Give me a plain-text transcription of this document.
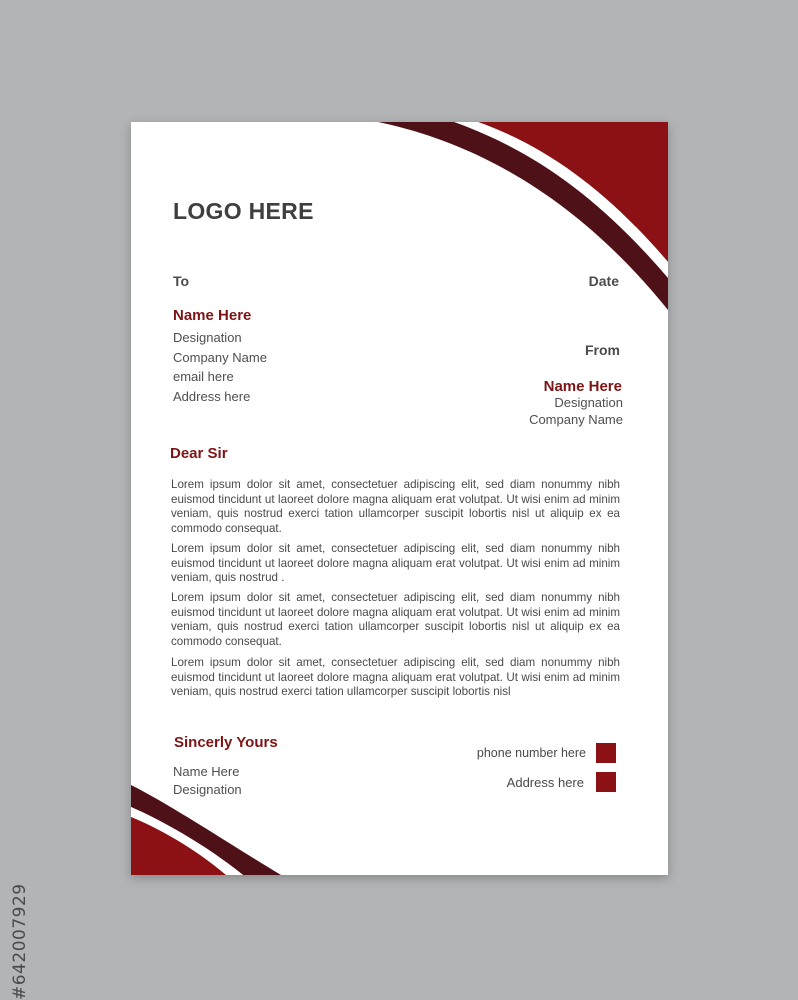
#642007929
LOGO HERE
To
Name Here
Designation
Company Name
email here
Address here
Date
From
Name Here
Designation
Company Name
Dear Sir
Lorem ipsum dolor sit amet, consectetuer adipiscing elit, sed diam nonummy nibh euismod tincidunt ut laoreet dolore magna aliquam erat volutpat. Ut wisi enim ad minim veniam, quis nostrud exerci tation ullamcorper suscipit lobortis nisl ut aliquip ex ea commodo consequat.
Lorem ipsum dolor sit amet, consectetuer adipiscing elit, sed diam nonummy nibh euismod tincidunt ut laoreet dolore magna aliquam erat volutpat. Ut wisi enim ad minim veniam, quis nostrud .
Lorem ipsum dolor sit amet, consectetuer adipiscing elit, sed diam nonummy nibh euismod tincidunt ut laoreet dolore magna aliquam erat volutpat. Ut wisi enim ad minim veniam, quis nostrud exerci tation ullamcorper suscipit lobortis nisl ut aliquip ex ea commodo consequat.
Lorem ipsum dolor sit amet, consectetuer adipiscing elit, sed diam nonummy nibh euismod tincidunt ut laoreet dolore magna aliquam erat volutpat. Ut wisi enim ad minim veniam, quis nostrud exerci tation ullamcorper suscipit lobortis nisl
Sincerly Yours
Name Here
Designation
phone number here
Address here
